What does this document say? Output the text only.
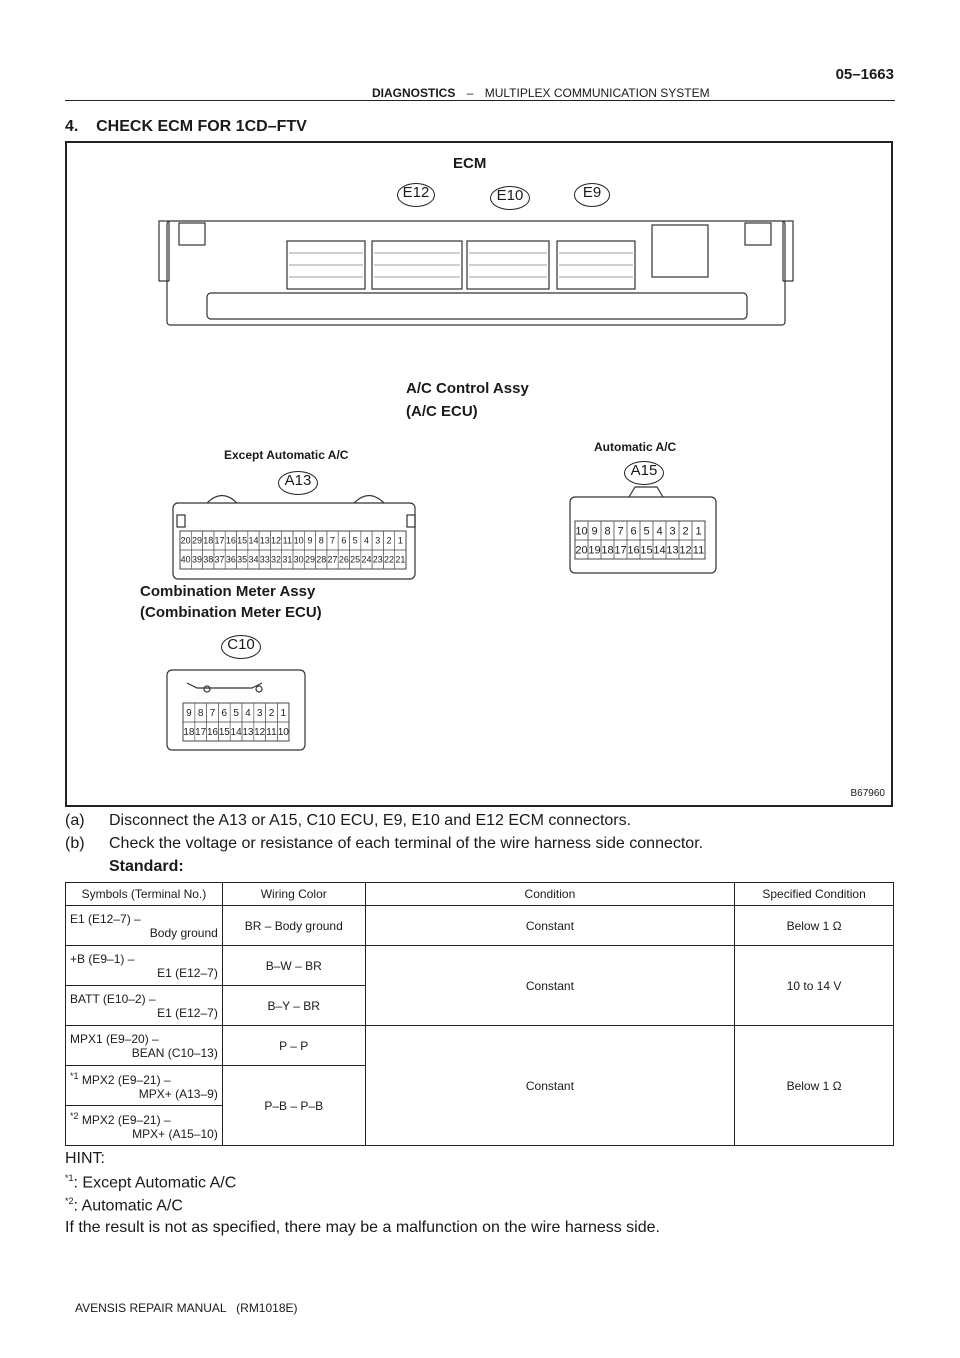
05–1663
DIAGNOSTICS – MULTIPLEX COMMUNICATION SYSTEM
4.    CHECK ECM FOR 1CD–FTV
20 29 18 17 16 15 14 13 12 11 10 9 8 7 6 5 4 3 2 1
40 39 38 37 36 35 34 33 32 31 30 29 28 27 26 25 24 23 22 21
10 9 8 7 6 5 4 3 2 1
20 19 18 17 16 15 14 13 12 11
9 8 7 6 5 4 3 2 1
18 17 16 15 14 13 12 11 10
ECM
E12	E10	E9
A/C Control Assy
(A/C ECU)
Except Automatic A/C
Automatic A/C
A13
A15
Combination Meter Assy
(Combination Meter ECU)
C10
B67960
(a) Disconnect the A13 or A15, C10 ECU, E9, E10 and E12 ECM connectors.
(b) Check the voltage or resistance of each terminal of the wire harness side connector.
Standard:
Symbols (Terminal No.)	Wiring Color	Condition	Specified Condition

E1 (E12–7) –
Body ground	BR – Body ground	Constant	Below 1 Ω

+B (E9–1) –
E1 (E12–7)	B–W – BR	Constant	10 to 14 V

BATT (E10–2) –
E1 (E12–7)	B–Y – BR		

MPX1 (E9–20) –
BEAN (C10–13)	P – P	Constant	Below 1 Ω

$^{*1}$ MPX2 (E9–21) –
MPX+ (A13–9)	P–B – P–B		

$^{*2}$ MPX2 (E9–21) –
MPX+ (A15–10)			
HINT:
$^{*1}$: Except Automatic A/C
$^{*2}$: Automatic A/C
If the result is not as specified, there may be a malfunction on the wire harness side.
AVENSIS REPAIR MANUAL   (RM1018E)
